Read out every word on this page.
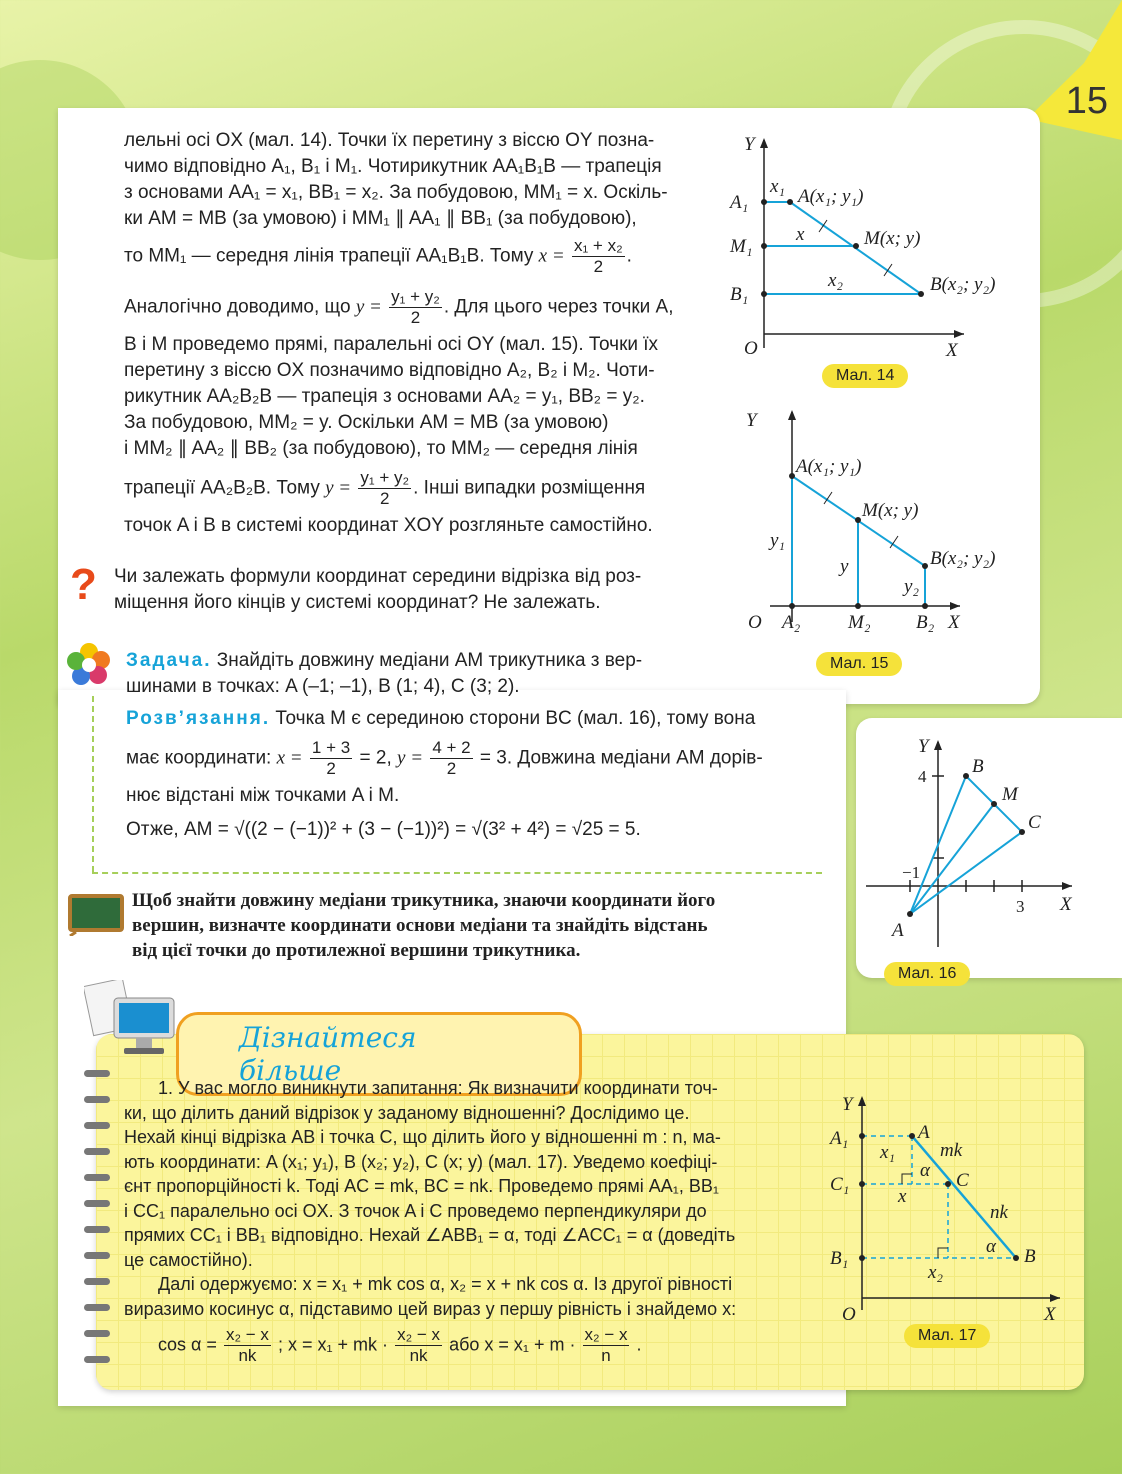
15

лельні осі OX (мал. 14). Точки їх перетину з віссю OY позна-

чимо відповідно A₁, B₁ і M₁. Чотирикутник AA₁B₁B — трапеція

з основами AA₁ = x₁, BB₁ = x₂. За побудовою, MM₁ = x. Оскіль-

ки AM = MB (за умовою) і MM₁ ∥ AA₁ ∥ BB₁ (за побудовою),

то MM₁ — середня лінія трапеції AA₁B₁B. Тому $x = \frac{\text{x₁ + x₂}}{2}$ .

Аналогічно доводимо, що $y = \frac{\text{y₁ + y₂}}{2}$ . Для цього через точки A,

B і M проведемо прямі, паралельні осі OY (мал. 15). Точки їх

перетину з віссю OX позначимо відповідно A₂, B₂ і M₂. Чоти-

рикутник AA₂B₂B — трапеція з основами AA₂ = y₁, BB₂ = y₂.

За побудовою, MM₂ = y. Оскільки AM = MB (за умовою)

і MM₂ ∥ AA₂ ∥ BB₂ (за побудовою), то MM₂ — середня лінія

трапеції AA₂B₂B. Тому $y = \frac{\text{y₁ + y₂}}{2}$ . Інші випадки розміщення

точок A і B в системі координат XOY розгляньте самостійно.

? Чи залежать формули координат середини відрізка від роз-

міщення його кінців у системі координат? Не залежать.

Задача. Знайдіть довжину медіани AM трикутника з вер-

шинами в точках: A (–1; –1), B (1; 4), C (3; 2).

Розв’язання. Точка M є серединою сторони BC (мал. 16), тому вона

має координати: $x = \frac{1 + 3}{2} = 2$, $y = \frac{4 + 2}{2} = 3$. Довжина медіани AM дорів-

нює відстані між точками A і M.

Отже, AM = √((2 − (−1))² + (3 − (−1))²) = √(3² + 4²) = √25 = 5.

Щоб знайти довжину медіани трикутника, знаючи координати його
вершин, визначте координати основи медіани та знайдіть відстань
від цієї точки до протилежної вершини трикутника.
Дізнайтеся більше

1. У вас могло виникнути запитання: Як визначити координати точ-

ки, що ділить даний відрізок у заданому відношенні? Дослідимо це.

Нехай кінці відрізка AB і точка C, що ділить його у відношенні m : n, ма-

ють координати: A (x₁; y₁), B (x₂; y₂), C (x; y) (мал. 17). Уведемо коефіці-

єнт пропорційності k. Тоді AC = mk, BC = nk. Проведемо прямі AA₁, BB₁

і CC₁ паралельно осі OX. З точок A і C проведемо перпендикуляри до

прямих CC₁ і BB₁ відповідно. Нехай ∠ABB₁ = α, тоді ∠ACC₁ = α (доведіть

це самостійно).

Далі одержуємо: x = x₁ + mk cos α, x₂ = x + nk cos α. Із другої рівності

виразимо косинус α, підставимо цей вираз у першу рівність і знайдемо x:

$\cos \alpha = \frac{\text{x₂ − x}}{nk}$ ; x = x₁ + mk · $\frac{\text{x₂ − x}}{nk}$ або $x = x_1 + m \cdot \frac{\text{x₂ − x}}{n}$ .

Y
X
O
A₁
M₁
B₁
x₁
x
x₂
A(x₁; y₁)
M(x; y)
B(x₂; y₂)
Мал. 14
Y
X
O A₂	M₂ B₂
y₁
y
y₂
A(x₁; y₁)
M(x; y)
B(x₂; y₂)
Мал. 15
Y
X
A
B
M
C
4
−1
3
Мал. 16
Y
X
O
A₁
C₁
B₁
A
C
B
x₁
x
x₂
mk
nk
α
α
Мал. 17
